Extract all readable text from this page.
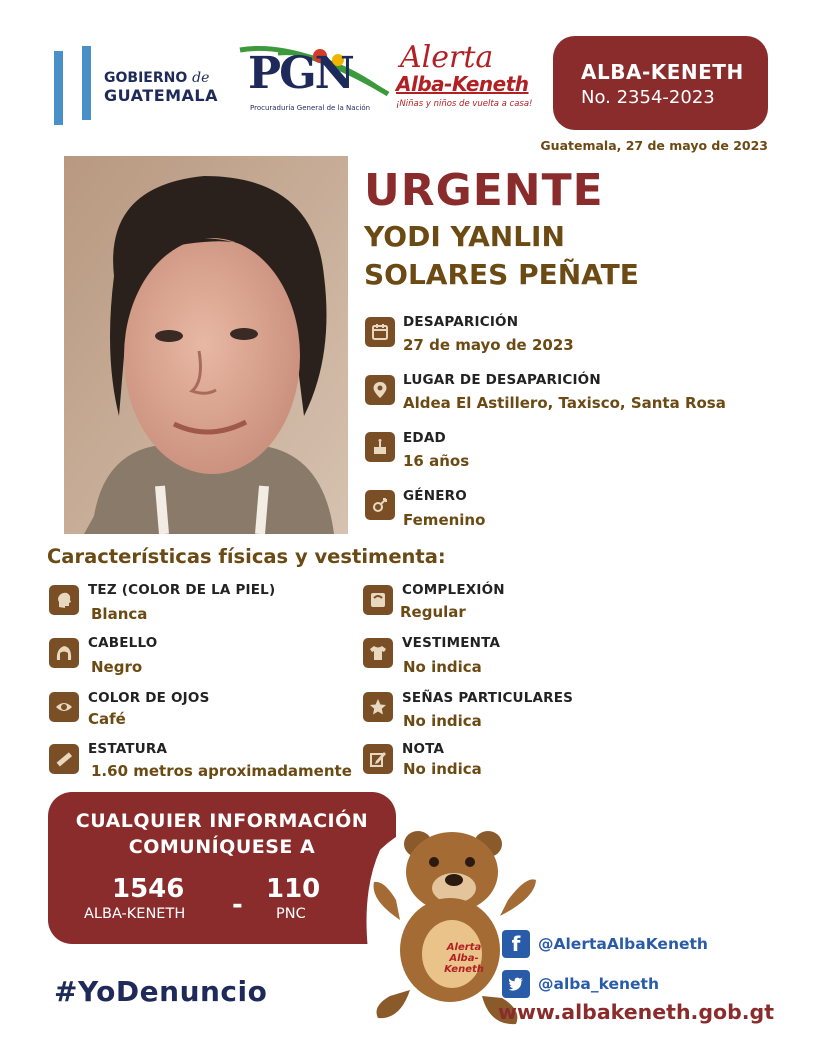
GOBIERNO de
GUATEMALA PGN
Procuraduría General de la Nación
Alerta
Alba-Keneth
¡Niñas y niños de vuelta a casa!
ALBA-KENETH
No. 2354-2023
Guatemala, 27 de mayo de 2023
URGENTE
YODI YANLIN
SOLARES PEÑATE
DESAPARICIÓN
27 de mayo de 2023
LUGAR DE DESAPARICIÓN
Aldea El Astillero, Taxisco, Santa Rosa
EDAD
16 años
GÉNERO
Femenino
Características físicas y vestimenta:
TEZ (COLOR DE LA PIEL)
Blanca
CABELLO
Negro
COLOR DE OJOS
Café
ESTATURA
1.60 metros aproximadamente
COMPLEXIÓN
Regular
VESTIMENTA
No indica
SEÑAS PARTICULARES
No indica
NOTA
No indica
CUALQUIER INFORMACIÓN
COMUNÍQUESE A
1546
ALBA-KENETH -
110
PNC
Alerta Alba-Keneth
#YoDenuncio
f	@AlertaAlbaKeneth
@alba_keneth
www.albakeneth.gob.gt
